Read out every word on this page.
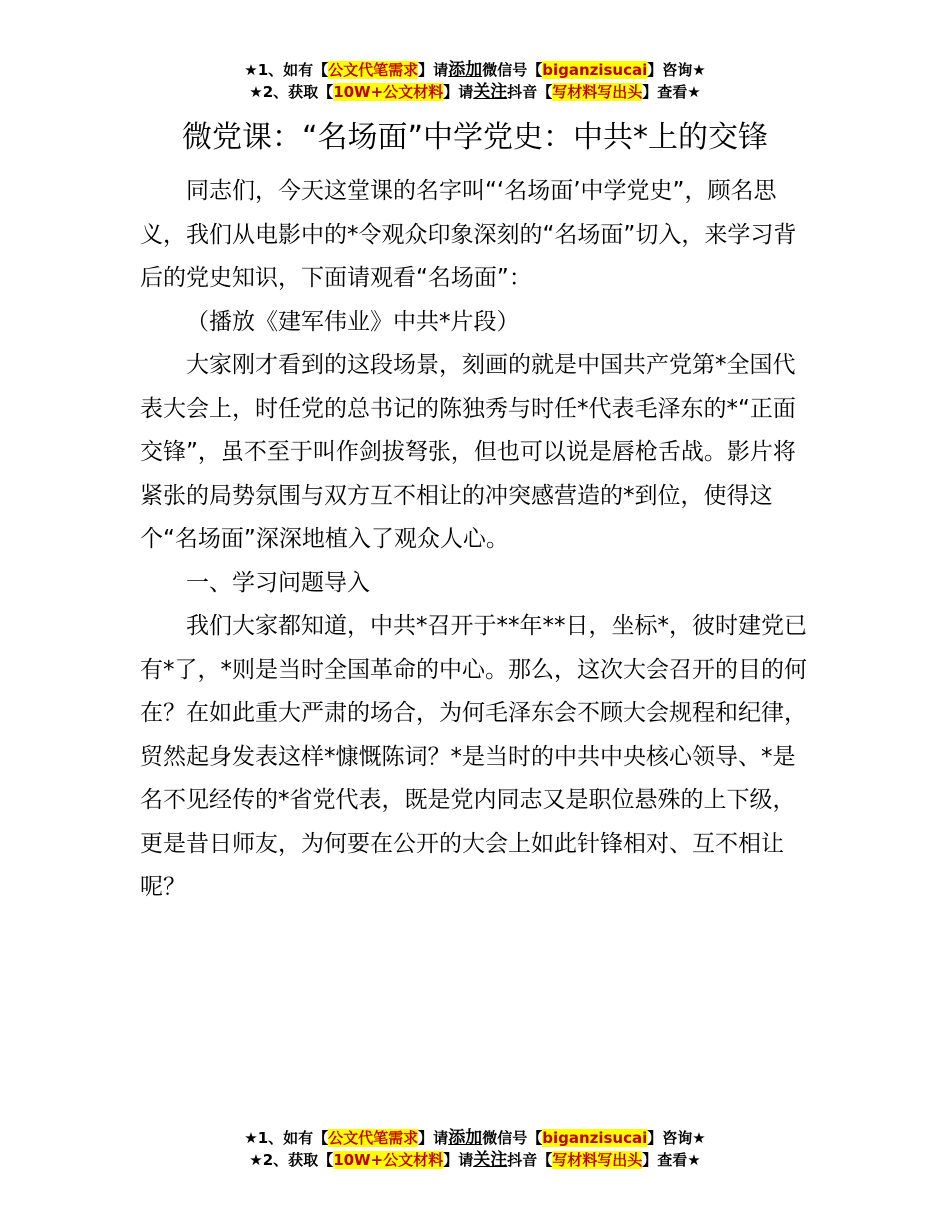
★1、如有【公文代笔需求】请添加微信号【biganzisucai】咨询★
★2、获取【10W+公文材料】请关注抖音【写材料写出头】查看★
微党课：“名场面”中学党史：中共*上的交锋

同志们，今天这堂课的名字叫“‘名场面’中学党史”，顾名思义，我们从电影中的*令观众印象深刻的“名场面”切入，来学习背后的党史知识，下面请观看“名场面”：

（播放《建军伟业》中共*片段）

大家刚才看到的这段场景，刻画的就是中国共产党第*全国代表大会上，时任党的总书记的陈独秀与时任*代表毛泽东的*“正面交锋”，虽不至于叫作剑拔弩张，但也可以说是唇枪舌战。影片将紧张的局势氛围与双方互不相让的冲突感营造的*到位，使得这个“名场面”深深地植入了观众人心。

一、学习问题导入

我们大家都知道，中共*召开于**年**日，坐标*，彼时建党已有*了，*则是当时全国革命的中心。那么，这次大会召开的目的何在？在如此重大严肃的场合，为何毛泽东会不顾大会规程和纪律，贸然起身发表这样*慷慨陈词？*是当时的中共中央核心领导、*是名不见经传的*省党代表，既是党内同志又是职位悬殊的上下级，更是昔日师友，为何要在公开的大会上如此针锋相对、互不相让呢？

★1、如有【公文代笔需求】请添加微信号【biganzisucai】咨询★
★2、获取【10W+公文材料】请关注抖音【写材料写出头】查看★
